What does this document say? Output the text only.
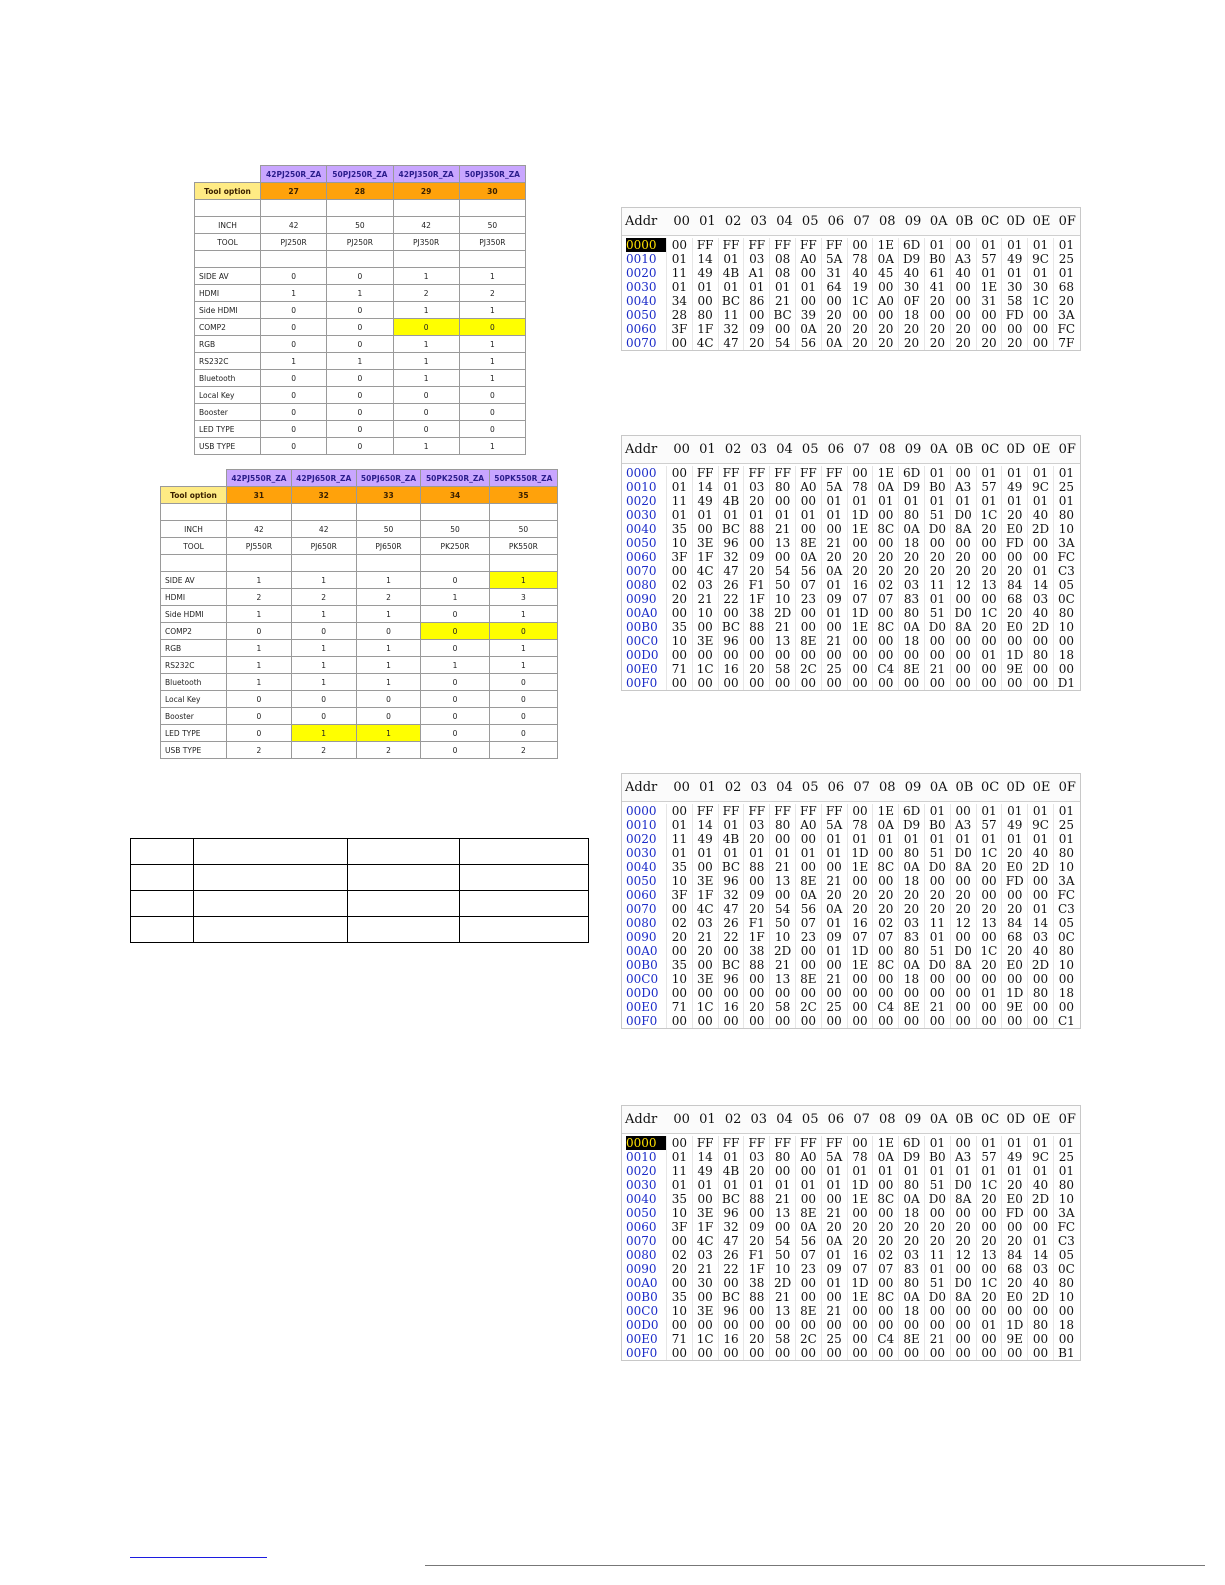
	42PJ250R_ZA	50PJ250R_ZA	42PJ350R_ZA	50PJ350R_ZA
Tool option	27	28	29	30

INCH	42	50	42	50
TOOL	PJ250R	PJ250R	PJ350R	PJ350R

SIDE AV	0	0	1	1
HDMI	1	1	2	2
Side HDMI	0	0	1	1
COMP2	0	0	0	0
RGB	0	0	1	1
RS232C	1	1	1	1
Bluetooth	0	0	1	1
Local Key	0	0	0	0
Booster	0	0	0	0
LED TYPE	0	0	0	0
USB TYPE	0	0	1	1
	42PJ550R_ZA	42PJ650R_ZA	50PJ650R_ZA	50PK250R_ZA	50PK550R_ZA
Tool option	31	32	33	34	35

INCH	42	42	50	50	50
TOOL	PJ550R	PJ650R	PJ650R	PK250R	PK550R

SIDE AV	1	1	1	0	1
HDMI	2	2	2	1	3
Side HDMI	1	1	1	0	1
COMP2	0	0	0	0	0
RGB	1	1	1	0	1
RS232C	1	1	1	1	1
Bluetooth	1	1	1	0	0
Local Key	0	0	0	0	0
Booster	0	0	0	0	0
LED TYPE	0	1	1	0	0
USB TYPE	2	2	2	0	2

Addr	00 01 02 03 04 05 06 07 08 09 0A 0B 0C 0D 0E 0F
0000	00 FF FF FF FF FF FF 00 1E 6D 01 00 01 01 01 01
0010	01 14 01 03 08 A0 5A 78 0A D9 B0 A3 57 49 9C 25
0020	11 49 4B A1 08 00 31 40 45 40 61 40 01 01 01 01
0030	01 01 01 01 01 01 64 19 00 30 41 00 1E 30 30 68
0040	34 00 BC 86 21 00 00 1C A0 0F 20 00 31 58 1C 20
0050	28 80 11 00 BC 39 20 00 00 18 00 00 00 FD 00 3A
0060	3F 1F 32 09 00 0A 20 20 20 20 20 20 00 00 00 FC
0070	00 4C 47 20 54 56 0A 20 20 20 20 20 20 20 00 7F
Addr	00 01 02 03 04 05 06 07 08 09 0A 0B 0C 0D 0E 0F
0000	00 FF FF FF FF FF FF 00 1E 6D 01 00 01 01 01 01
0010	01 14 01 03 80 A0 5A 78 0A D9 B0 A3 57 49 9C 25
0020	11 49 4B 20 00 00 01 01 01 01 01 01 01 01 01 01
0030	01 01 01 01 01 01 01 1D 00 80 51 D0 1C 20 40 80
0040	35 00 BC 88 21 00 00 1E 8C 0A D0 8A 20 E0 2D 10
0050	10 3E 96 00 13 8E 21 00 00 18 00 00 00 FD 00 3A
0060	3F 1F 32 09 00 0A 20 20 20 20 20 20 00 00 00 FC
0070	00 4C 47 20 54 56 0A 20 20 20 20 20 20 20 01 C3
0080	02 03 26 F1 50 07 01 16 02 03 11 12 13 84 14 05
0090	20 21 22 1F 10 23 09 07 07 83 01 00 00 68 03 0C
00A0	00 10 00 38 2D 00 01 1D 00 80 51 D0 1C 20 40 80
00B0	35 00 BC 88 21 00 00 1E 8C 0A D0 8A 20 E0 2D 10
00C0	10 3E 96 00 13 8E 21 00 00 18 00 00 00 00 00 00
00D0	00 00 00 00 00 00 00 00 00 00 00 00 01 1D 80 18
00E0	71 1C 16 20 58 2C 25 00 C4 8E 21 00 00 9E 00 00
00F0	00 00 00 00 00 00 00 00 00 00 00 00 00 00 00 D1
Addr	00 01 02 03 04 05 06 07 08 09 0A 0B 0C 0D 0E 0F
0000	00 FF FF FF FF FF FF 00 1E 6D 01 00 01 01 01 01
0010	01 14 01 03 80 A0 5A 78 0A D9 B0 A3 57 49 9C 25
0020	11 49 4B 20 00 00 01 01 01 01 01 01 01 01 01 01
0030	01 01 01 01 01 01 01 1D 00 80 51 D0 1C 20 40 80
0040	35 00 BC 88 21 00 00 1E 8C 0A D0 8A 20 E0 2D 10
0050	10 3E 96 00 13 8E 21 00 00 18 00 00 00 FD 00 3A
0060	3F 1F 32 09 00 0A 20 20 20 20 20 20 00 00 00 FC
0070	00 4C 47 20 54 56 0A 20 20 20 20 20 20 20 01 C3
0080	02 03 26 F1 50 07 01 16 02 03 11 12 13 84 14 05
0090	20 21 22 1F 10 23 09 07 07 83 01 00 00 68 03 0C
00A0	00 20 00 38 2D 00 01 1D 00 80 51 D0 1C 20 40 80
00B0	35 00 BC 88 21 00 00 1E 8C 0A D0 8A 20 E0 2D 10
00C0	10 3E 96 00 13 8E 21 00 00 18 00 00 00 00 00 00
00D0	00 00 00 00 00 00 00 00 00 00 00 00 01 1D 80 18
00E0	71 1C 16 20 58 2C 25 00 C4 8E 21 00 00 9E 00 00
00F0	00 00 00 00 00 00 00 00 00 00 00 00 00 00 00 C1
Addr	00 01 02 03 04 05 06 07 08 09 0A 0B 0C 0D 0E 0F
0000	00 FF FF FF FF FF FF 00 1E 6D 01 00 01 01 01 01
0010	01 14 01 03 80 A0 5A 78 0A D9 B0 A3 57 49 9C 25
0020	11 49 4B 20 00 00 01 01 01 01 01 01 01 01 01 01
0030	01 01 01 01 01 01 01 1D 00 80 51 D0 1C 20 40 80
0040	35 00 BC 88 21 00 00 1E 8C 0A D0 8A 20 E0 2D 10
0050	10 3E 96 00 13 8E 21 00 00 18 00 00 00 FD 00 3A
0060	3F 1F 32 09 00 0A 20 20 20 20 20 20 00 00 00 FC
0070	00 4C 47 20 54 56 0A 20 20 20 20 20 20 20 01 C3
0080	02 03 26 F1 50 07 01 16 02 03 11 12 13 84 14 05
0090	20 21 22 1F 10 23 09 07 07 83 01 00 00 68 03 0C
00A0	00 30 00 38 2D 00 01 1D 00 80 51 D0 1C 20 40 80
00B0	35 00 BC 88 21 00 00 1E 8C 0A D0 8A 20 E0 2D 10
00C0	10 3E 96 00 13 8E 21 00 00 18 00 00 00 00 00 00
00D0	00 00 00 00 00 00 00 00 00 00 00 00 01 1D 80 18
00E0	71 1C 16 20 58 2C 25 00 C4 8E 21 00 00 9E 00 00
00F0	00 00 00 00 00 00 00 00 00 00 00 00 00 00 00 B1
